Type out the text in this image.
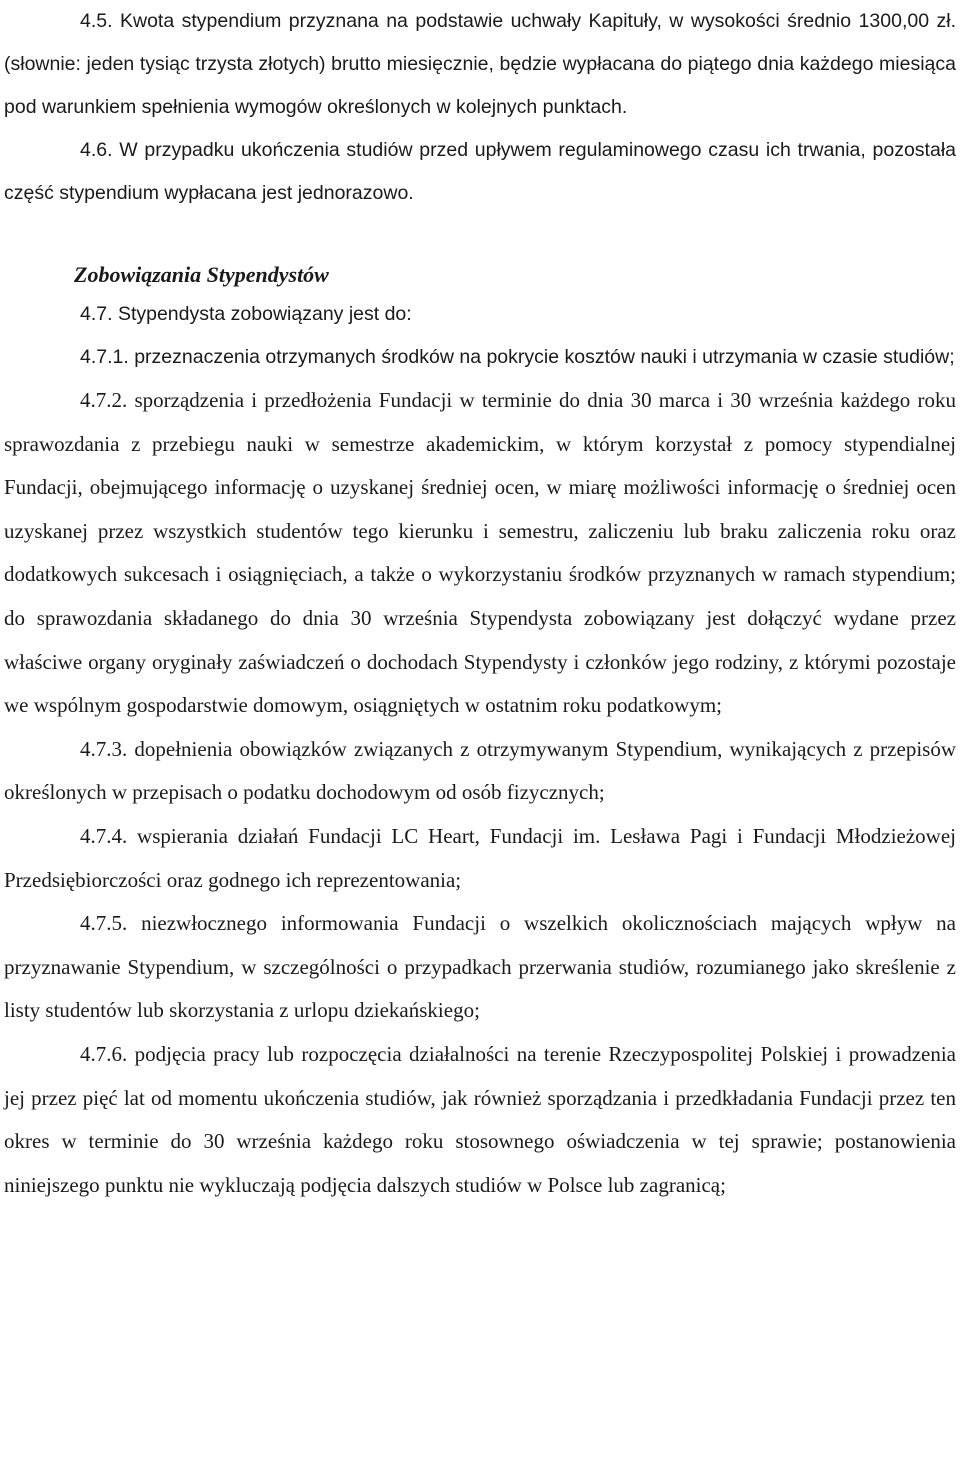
4.5. Kwota stypendium przyznana na podstawie uchwały Kapituły, w wysokości średnio 1300,00 zł. (słownie: jeden tysiąc trzysta złotych) brutto miesięcznie, będzie wypłacana do piątego dnia każdego miesiąca pod warunkiem spełnienia wymogów określonych w kolejnych punktach.

4.6. W przypadku ukończenia studiów przed upływem regulaminowego czasu ich trwania, pozostała część stypendium wypłacana jest jednorazowo.

Zobowiązania Stypendystów

4.7. Stypendysta zobowiązany jest do:

4.7.1. przeznaczenia otrzymanych środków na pokrycie kosztów nauki i utrzymania w czasie studiów;

4.7.2. sporządzenia i przedłożenia Fundacji w terminie do dnia 30 marca i 30 września każdego roku sprawozdania z przebiegu nauki w semestrze akademickim, w którym korzystał z pomocy stypendialnej Fundacji, obejmującego informację o uzyskanej średniej ocen, w miarę możliwości informację o średniej ocen uzyskanej przez wszystkich studentów tego kierunku i semestru, zaliczeniu lub braku zaliczenia roku oraz dodatkowych sukcesach i osiągnięciach, a także o wykorzystaniu środków przyznanych w ramach stypendium; do sprawozdania składanego do dnia 30 września Stypendysta zobowiązany jest dołączyć wydane przez właściwe organy oryginały zaświadczeń o dochodach Stypendysty i członków jego rodziny, z którymi pozostaje we wspólnym gospodarstwie domowym, osiągniętych w ostatnim roku podatkowym;

4.7.3. dopełnienia obowiązków związanych z otrzymywanym Stypendium, wynikających z przepisów określonych w przepisach o podatku dochodowym od osób fizycznych;

4.7.4. wspierania działań Fundacji LC Heart, Fundacji im. Lesława Pagi i Fundacji Młodzieżowej Przedsiębiorczości oraz godnego ich reprezentowania;

4.7.5. niezwłocznego informowania Fundacji o wszelkich okolicznościach mających wpływ na przyznawanie Stypendium, w szczególności o przypadkach przerwania studiów, rozumianego jako skreślenie z listy studentów lub skorzystania z urlopu dziekańskiego;

4.7.6. podjęcia pracy lub rozpoczęcia działalności na terenie Rzeczypospolitej Polskiej i prowadzenia jej przez pięć lat od momentu ukończenia studiów, jak również sporządzania i przedkładania Fundacji przez ten okres w terminie do 30 września każdego roku stosownego oświadczenia w tej sprawie; postanowienia niniejszego punktu nie wykluczają podjęcia dalszych studiów w Polsce lub zagranicą;
